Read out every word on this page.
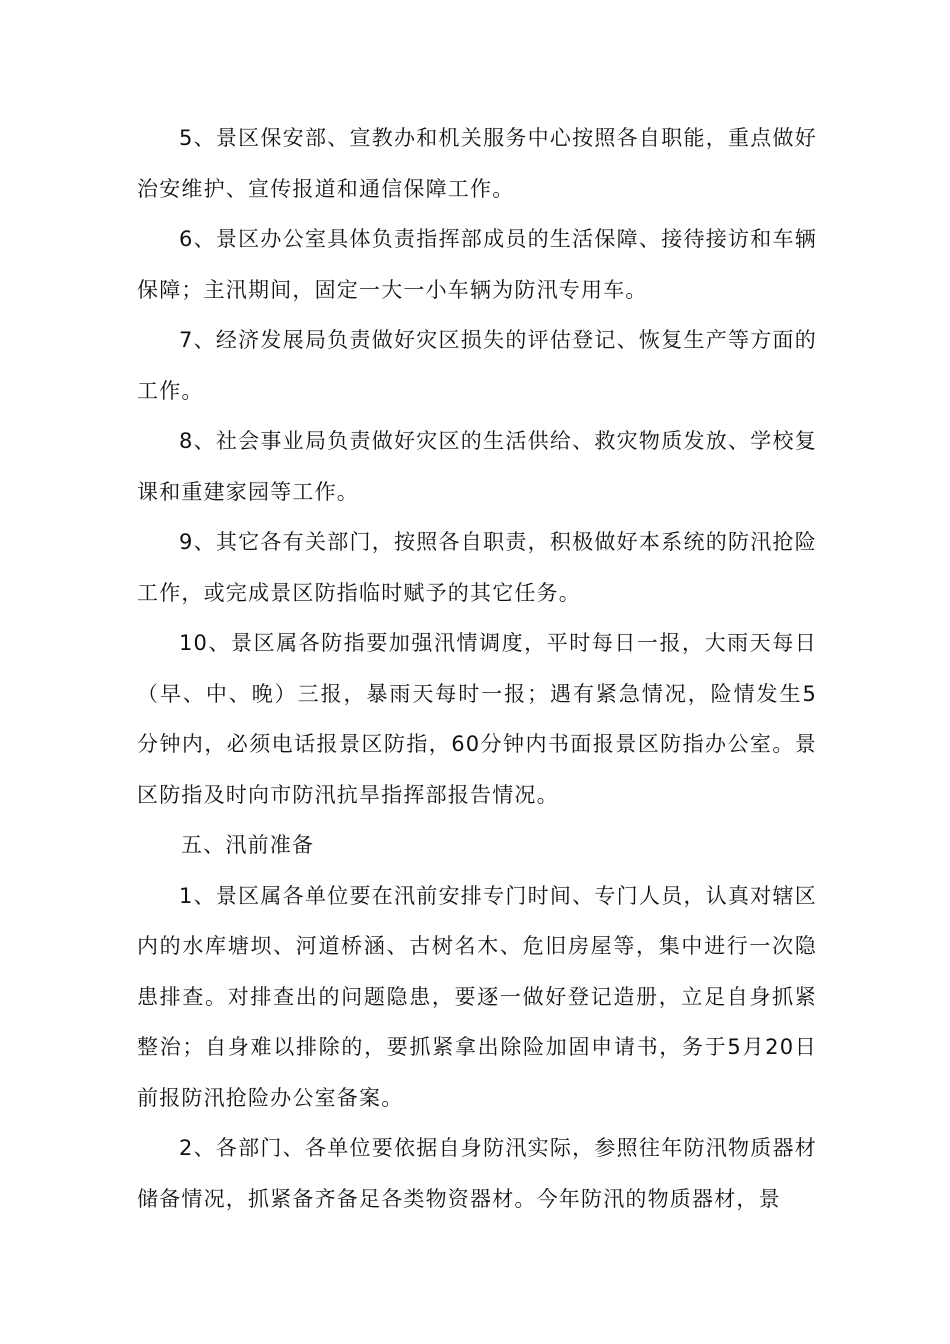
5、景区保安部、宣教办和机关服务中心按照各自职能，重点做好治安维护、宣传报道和通信保障工作。

6、景区办公室具体负责指挥部成员的生活保障、接待接访和车辆保障；主汛期间，固定一大一小车辆为防汛专用车。

7、经济发展局负责做好灾区损失的评估登记、恢复生产等方面的工作。

8、社会事业局负责做好灾区的生活供给、救灾物质发放、学校复课和重建家园等工作。

9、其它各有关部门，按照各自职责，积极做好本系统的防汛抢险工作，或完成景区防指临时赋予的其它任务。

10、景区属各防指要加强汛情调度，平时每日一报，大雨天每日（早、中、晚）三报，暴雨天每时一报；遇有紧急情况，险情发生5分钟内，必须电话报景区防指，60分钟内书面报景区防指办公室。景区防指及时向市防汛抗旱指挥部报告情况。

五、汛前准备

1、景区属各单位要在汛前安排专门时间、专门人员，认真对辖区内的水库塘坝、河道桥涵、古树名木、危旧房屋等，集中进行一次隐患排查。对排查出的问题隐患，要逐一做好登记造册，立足自身抓紧整治；自身难以排除的，要抓紧拿出除险加固申请书，务于5月20日前报防汛抢险办公室备案。

2、各部门、各单位要依据自身防汛实际，参照往年防汛物质器材储备情况，抓紧备齐备足各类物资器材。今年防汛的物质器材，景
